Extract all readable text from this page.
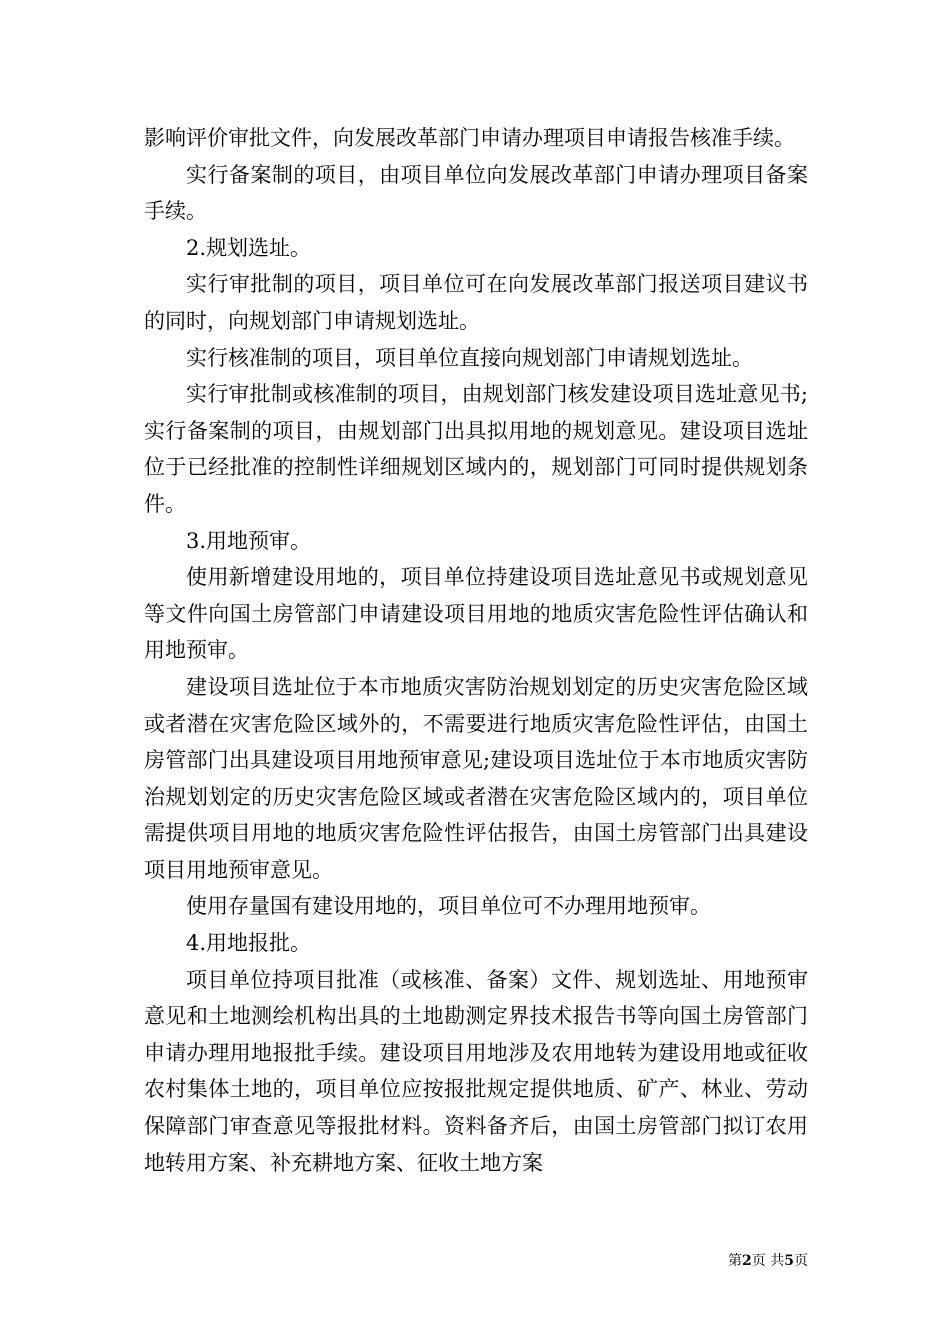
影响评价审批文件，向发展改革部门申请办理项目申请报告核准手续。

实行备案制的项目，由项目单位向发展改革部门申请办理项目备案手续。

2.规划选址。

实行审批制的项目，项目单位可在向发展改革部门报送项目建议书的同时，向规划部门申请规划选址。

实行核准制的项目，项目单位直接向规划部门申请规划选址。

实行审批制或核准制的项目，由规划部门核发建设项目选址意见书;实行备案制的项目，由规划部门出具拟用地的规划意见。建设项目选址位于已经批准的控制性详细规划区域内的，规划部门可同时提供规划条件。

3.用地预审。

使用新增建设用地的，项目单位持建设项目选址意见书或规划意见等文件向国土房管部门申请建设项目用地的地质灾害危险性评估确认和用地预审。

建设项目选址位于本市地质灾害防治规划划定的历史灾害危险区域或者潜在灾害危险区域外的，不需要进行地质灾害危险性评估，由国土房管部门出具建设项目用地预审意见;建设项目选址位于本市地质灾害防治规划划定的历史灾害危险区域或者潜在灾害危险区域内的，项目单位需提供项目用地的地质灾害危险性评估报告，由国土房管部门出具建设项目用地预审意见。

使用存量国有建设用地的，项目单位可不办理用地预审。

4.用地报批。

项目单位持项目批准（或核准、备案）文件、规划选址、用地预审意见和土地测绘机构出具的土地勘测定界技术报告书等向国土房管部门申请办理用地报批手续。建设项目用地涉及农用地转为建设用地或征收农村集体土地的，项目单位应按报批规定提供地质、矿产、林业、劳动保障部门审查意见等报批材料。资料备齐后，由国土房管部门拟订农用地转用方案、补充耕地方案、征收土地方案

第2页 共5页
